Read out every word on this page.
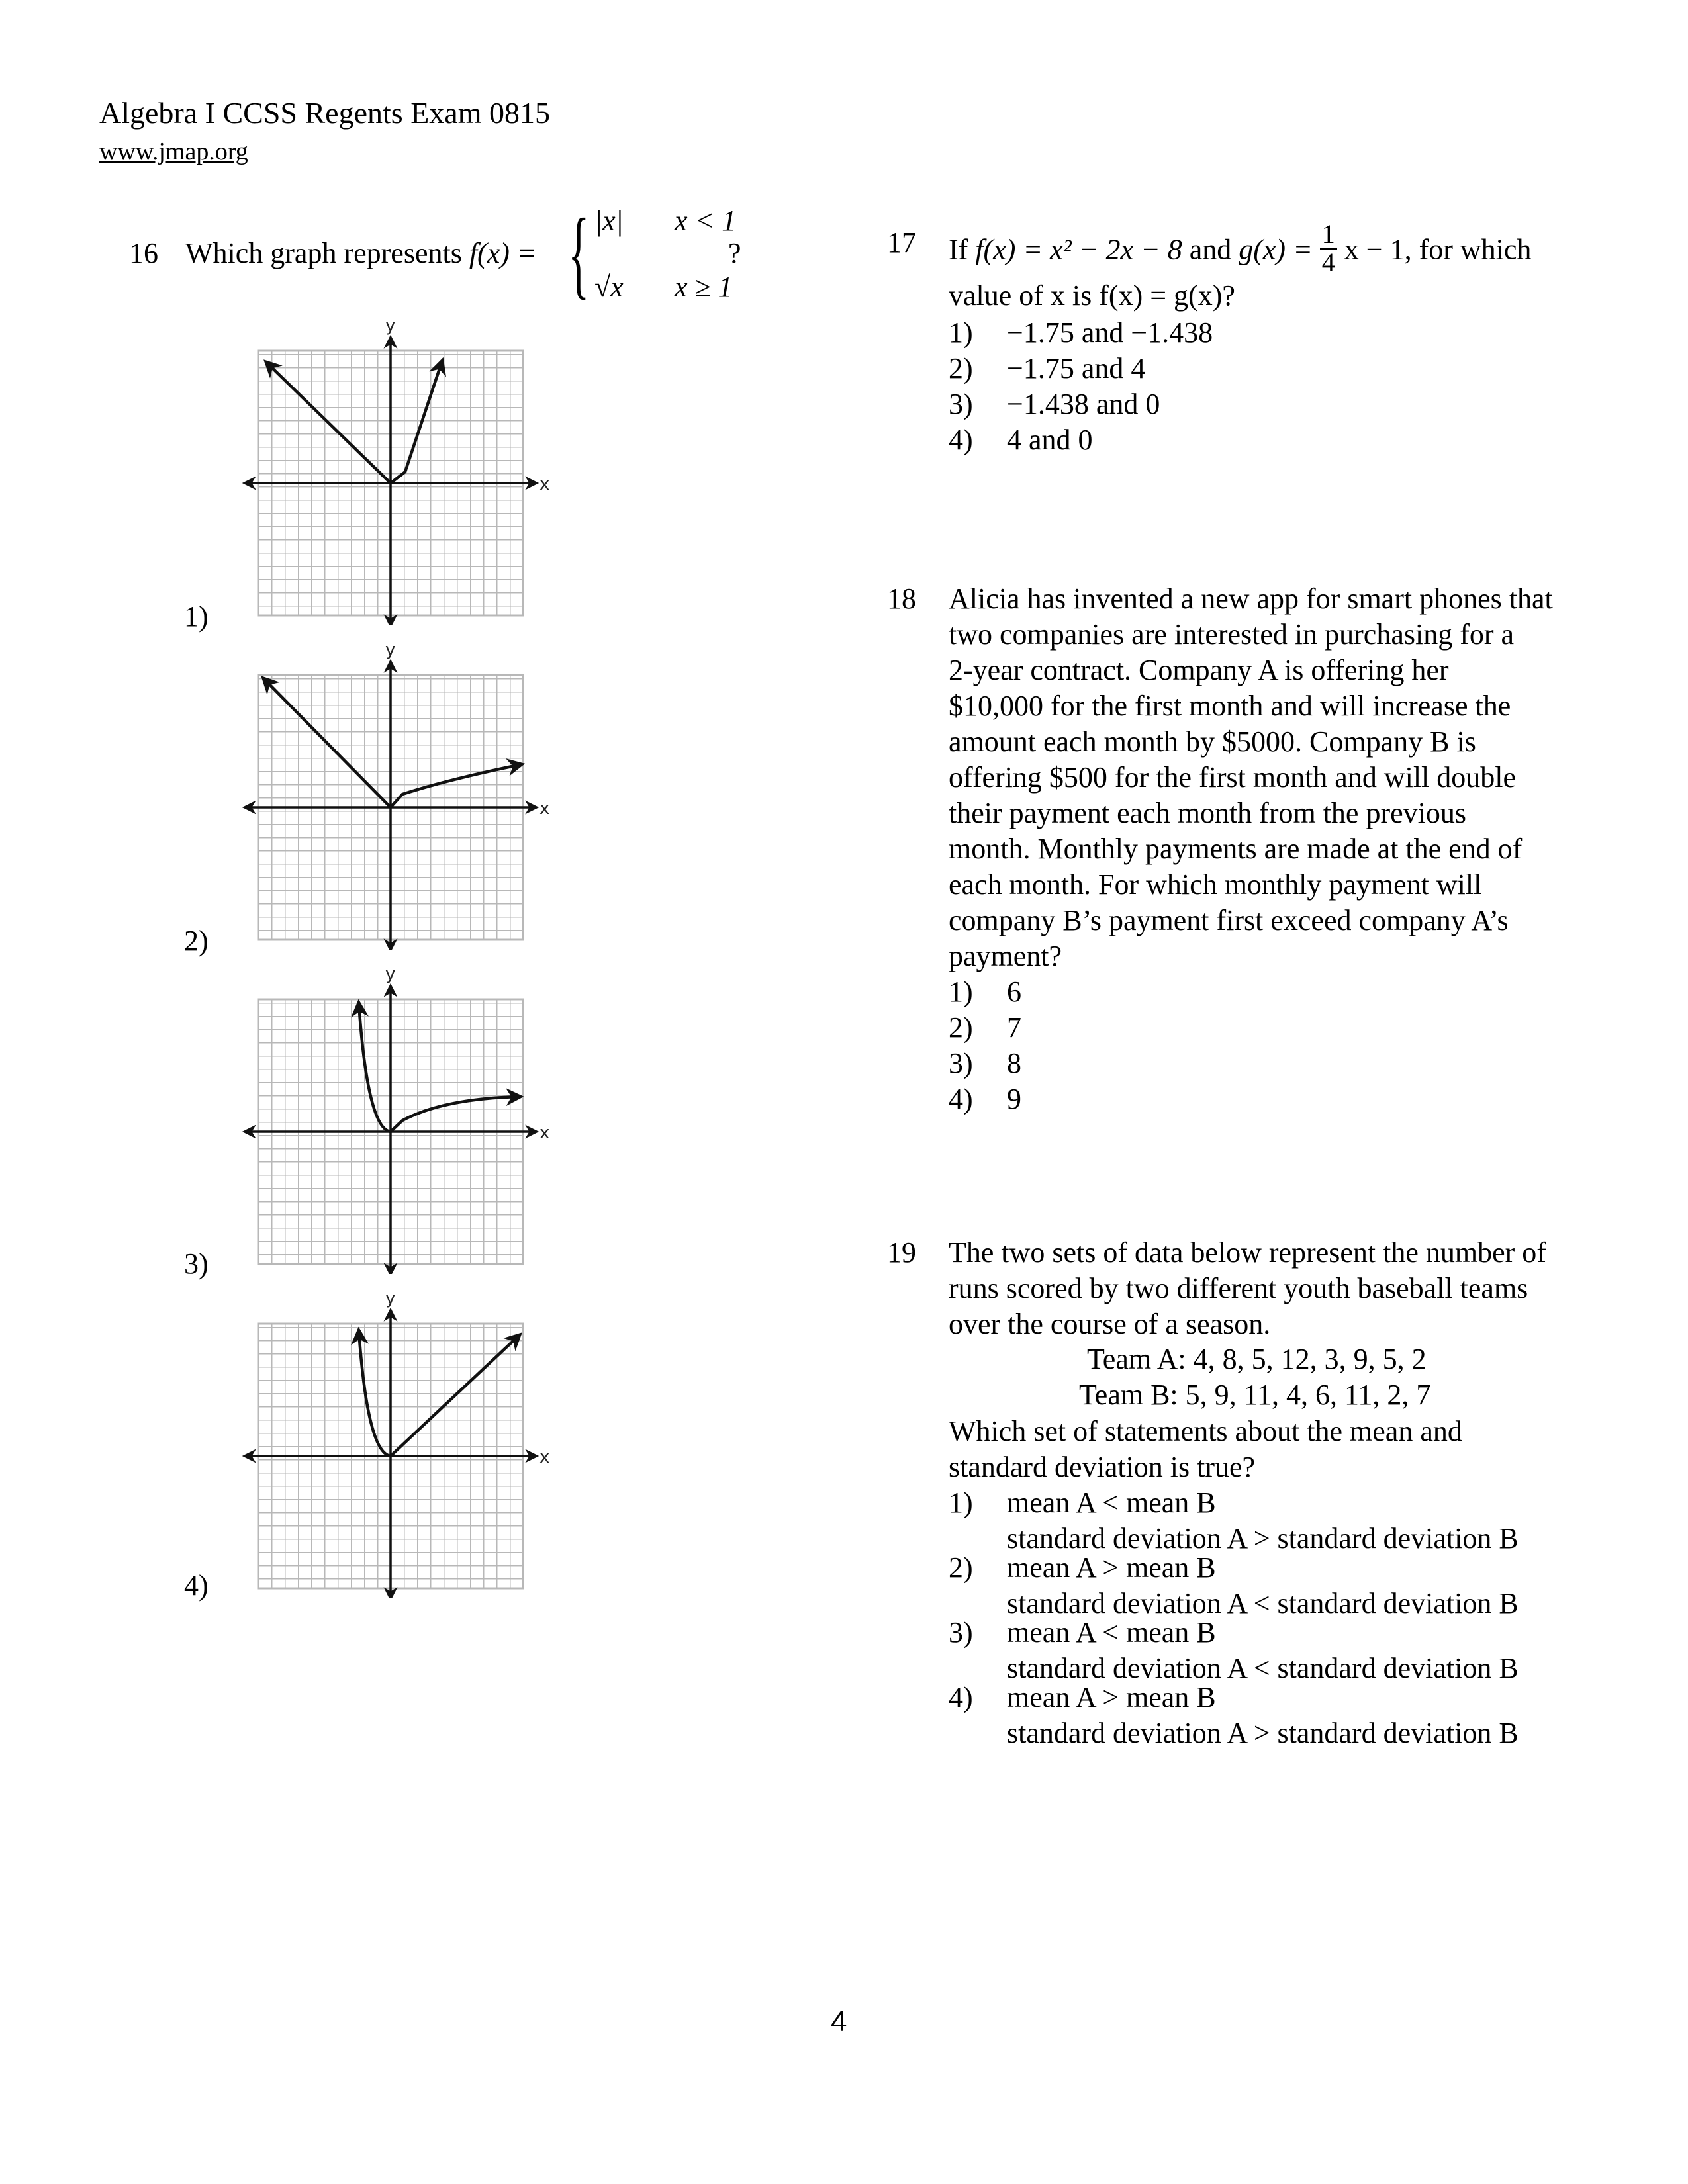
Algebra I CCSS Regents Exam 0815
www.jmap.org
16 Which graph represents f(x) = { |x| x < 1
√x x ≥ 1
?
1)
2)
3)
4)
y
x
y
x
y
x
y
x
17 If f(x) = x² − 2x − 8 and $g(x) = \frac{1}{4}$ x − 1, for which
value of x is f(x) = g(x)?
1) −1.75 and −1.438
2) −1.75 and 4
3) −1.438 and 0
4) 4 and 0
18 Alicia has invented a new app for smart phones that
two companies are interested in purchasing for a
2-year contract. Company A is offering her
$10,000 for the first month and will increase the
amount each month by $5000. Company B is
offering $500 for the first month and will double
their payment each month from the previous
month. Monthly payments are made at the end of
each month. For which monthly payment will
company B’s payment first exceed company A’s
payment?
1) 6
2) 7
3) 8
4) 9
19 The two sets of data below represent the number of
runs scored by two different youth baseball teams
over the course of a season.
Team A: 4, 8, 5, 12, 3, 9, 5, 2
Team B: 5, 9, 11, 4, 6, 11, 2, 7
Which set of statements about the mean and
standard deviation is true?
1) mean A < mean B
standard deviation A > standard deviation B
2) mean A > mean B
standard deviation A < standard deviation B
3) mean A < mean B
standard deviation A < standard deviation B
4) mean A > mean B
standard deviation A > standard deviation B
4
